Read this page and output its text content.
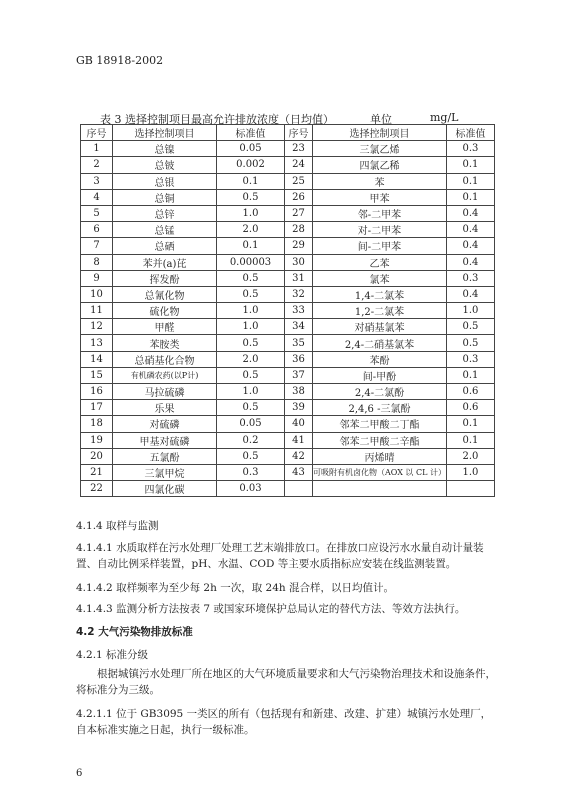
GB 18918-2002
表 3 选择控制项目最高允许排放浓度（日均值）	单位	mg/L
序号	选择控制项目	标准值	序号	选择控制项目	标准值
1	总镍	0.05	23	三氯乙烯	0.3
2	总铍	0.002	24	四氯乙稀	0.1
3	总银	0.1	25	苯	0.1
4	总铜	0.5	26	甲苯	0.1
5	总锌	1.0	27	邻-二甲苯	0.4
6	总锰	2.0	28	对-二甲苯	0.4
7	总硒	0.1	29	间-二甲苯	0.4
8	苯并(a)芘	0.00003	30	乙苯	0.4
9	挥发酚	0.5	31	氯苯	0.3
10	总氰化物	0.5	32	1,4-二氯苯	0.4
11	硫化物	1.0	33	1,2-二氯苯	1.0
12	甲醛	1.0	34	对硝基氯苯	0.5
13	苯胺类	0.5	35	2,4-二硝基氯苯	0.5
14	总硝基化合物	2.0	36	苯酚	0.3
15	有机磷农药(以P计)	0.5	37	间-甲酚	0.1
16	马拉硫磷	1.0	38	2,4-二氯酚	0.6
17	乐果	0.5	39	2,4,6 -三氯酚	0.6
18	对硫磷	0.05	40	邻苯二甲酸二丁酯	0.1
19	甲基对硫磷	0.2	41	邻苯二甲酸二辛酯	0.1
20	五氯酚	0.5	42	丙烯晴	2.0
21	三氯甲烷	0.3	43	可吸附有机卤化物（AOX 以 CL 计）	1.0
22	四氯化碳	0.03			
4.1.4 取样与监测
4.1.4.1 水质取样在污水处理厂处理工艺末端排放口。在排放口应设污水水量自动计量装置、自动比例采样装置，pH、水温、COD 等主要水质指标应安装在线监测装置。
4.1.4.2 取样频率为至少每 2h 一次，取 24h 混合样，以日均值计。
4.1.4.3 监测分析方法按表 7 或国家环境保护总局认定的替代方法、等效方法执行。
4.2 大气污染物排放标准
4.2.1 标准分级
根据城镇污水处理厂所在地区的大气环境质量要求和大气污染物治理技术和设施条件，将标准分为三级。
4.2.1.1 位于 GB3095 一类区的所有（包括现有和新建、改建、扩建）城镇污水处理厂，自本标准实施之日起，执行一级标准。
6
